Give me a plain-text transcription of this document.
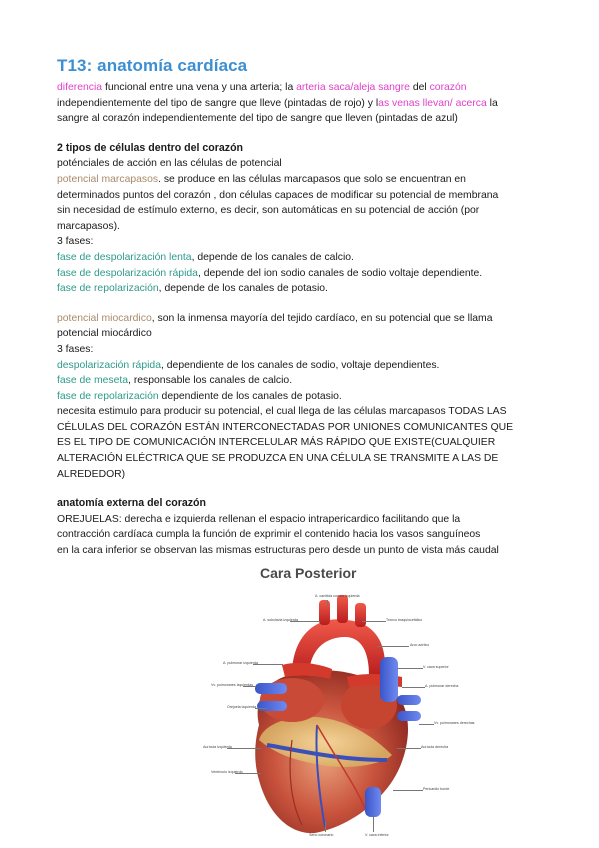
T13: anatomía cardíaca

diferencia funcional entre una vena y una arteria; la arteria saca/aleja sangre del corazón
independientemente del tipo de sangre que lleve (pintadas de rojo) y las venas llevan/ acerca la
sangre al corazón independientemente del tipo de sangre que lleven (pintadas de azul)

2 tipos de células dentro del corazón

poténciales de acción en las células de potencial
potencial marcapasos. se produce en las células marcapasos que solo se encuentran en
determinados puntos del corazón , don células capaces de modificar su potencial de membrana
sin necesidad de estímulo externo, es decir, son automáticas en su potencial de acción (por
marcapasos).
3 fases:
fase de despolarización lenta, depende de los canales de calcio.
fase de despolarización rápida, depende del ion sodio canales de sodio voltaje dependiente.
fase de repolarización, depende de los canales de potasio.

potencial miocardico, son la inmensa mayoría del tejido cardíaco, en su potencial que se llama
potencial miocárdico
3 fases:
despolarización rápida, dependiente de los canales de sodio, voltaje dependientes.
fase de meseta, responsable los canales de calcio.
fase de repolarización dependiente de los canales de potasio.
necesita estimulo para producir su potencial, el cual llega de las células marcapasos TODAS LAS
CÉLULAS DEL CORAZÓN ESTÁN INTERCONECTADAS POR UNIONES COMUNICANTES QUE
ES EL TIPO DE COMUNICACIÓN INTERCELULAR MÁS RÁPIDO QUE EXISTE(CUALQUIER
ALTERACIÓN ELÉCTRICA QUE SE PRODUZCA EN UNA CÉLULA SE TRANSMITE A LAS DE
ALREDEDOR)

anatomía externa del corazón

OREJUELAS: derecha e izquierda rellenan el espacio intrapericardico facilitando que la
contracción cardíaca cumpla la función de exprimir el contenido hacia los vasos sanguíneos
en la cara inferior se observan las mismas estructuras pero desde un punto de vista más caudal

Cara Posterior
A. carótida común izquierda
A. subclavia izquierda	Tronco braquiocefálico
Arco aórtico
V. cava superior
A. pulmonar izquierda
A. pulmonar derecha
Vv. pulmonares izquierdas
Orejuela izquierda
Vv. pulmonares derechas
Aurícula izquierda	Aurícula derecha
Ventrículo izquierdo
Pericardio borde
Seno coronario	V. cava inferior
